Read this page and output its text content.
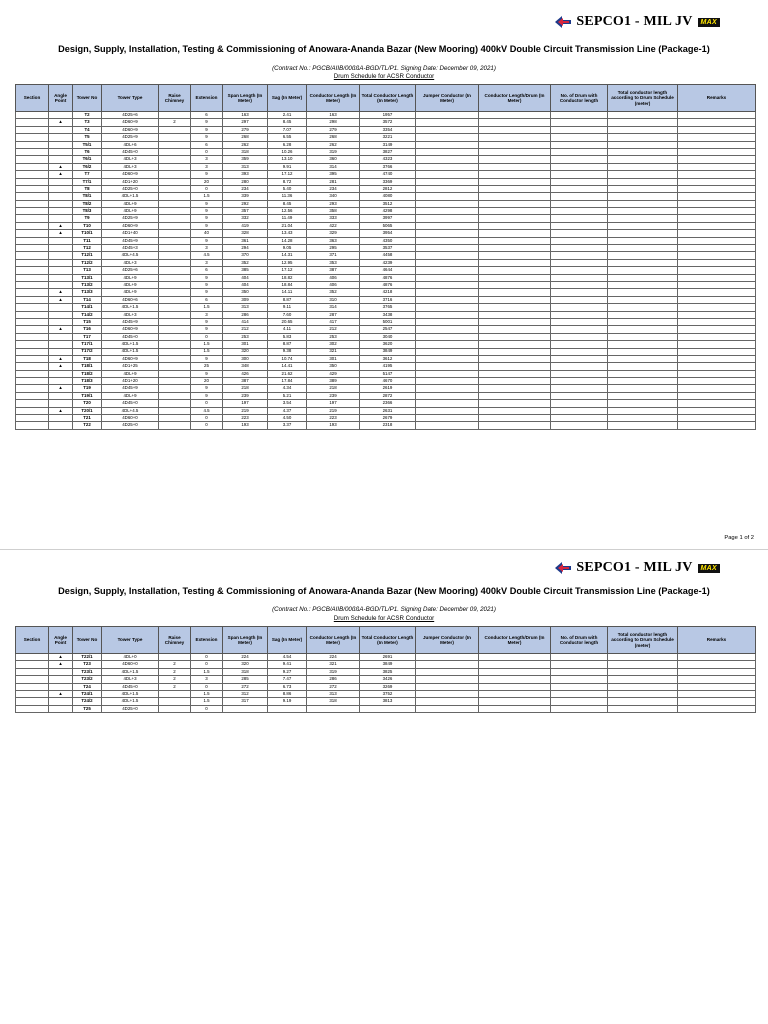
SEPCO1 - MIL JV	MAX
Design, Supply, Installation, Testing & Commissioning of Anowara-Ananda Bazar (New Mooring) 400kV Double Circuit Transmission Line (Package-1)
(Contract No.: PGCB/AIIB/00ßßA-BGD/TL/P1. Signing Date: December 09, 2021)
Drum Schedule for ACSR Conductor
Section	Angle Point	Tower No	Tower Type	Raise Chimney	Extension	Span Length (In Meter)	Sag (In Meter)	Conductor Length (In Meter)	Total Conductor Length (In Meter)	Jumper Conductor (In Meter)	Conductor Length/Drum (In Meter)	No. of Drum with Conductor length	Total conductor length according to Drum Schedule (meter)	Remarks
		T2	4D25+6		6	163	2.41	163	1957					
	▲	T3	4D60+9	2	9	297	8.45	298	3572					
		T4	4D60+9		9	279	7.07	279	3354					
		T5	4D25+9		9	268	6.55	268	3221					
		T5/1	4DL+6		6	262	6.28	262	3149					
		T6	4D45+0		0	318	10.26	319	3827					
		T6/1	4DL+3		3	359	13.10	360	4323					
	▲	T6/2	4DL+3		3	313	9.91	314	3766					
	▲	T7	4D60+9		9	393	17.12	395	4740					
		T7/1	4D1+20		20	280	8.72	281	3369					
		T8	4D25+0		0	234	5.40	234	2812					
		T8/1	4DL+1.5		1.5	339	11.36	340	4080					
		T8/2	4DL+9		9	292	8.45	293	3512					
		T8/3	4DL+9		9	357	12.56	358	4298					
		T9	4D25+9		9	332	11.49	333	3997					
	▲	T10	4D60+9		9	419	21.04	422	5065					
	▲	T10/1	4D1+40		40	328	13.43	329	3954					
		T11	4D45+9		9	361	14.28	363	4350					
		T12	4D45+3		3	294	9.05	295	3537					
		T12/1	4DL+4.5		4.5	370	14.31	371	4458					
		T12/2	4DL+3		3	352	12.95	353	4239					
		T13	4D25+6		6	385	17.12	387	4644					
		T13/1	4DL+9		9	404	18.82	406	4876					
		T13/2	4DL+9		9	404	18.84	406	4876					
	▲	T13/3	4DL+9		9	350	14.11	352	4218					
	▲	T14	4D60+6		6	309	8.87	310	3716					
		T14/1	4DL+1.5		1.5	313	9.11	314	3765					
		T14/2	4DL+3		3	286	7.60	287	3438					
		T15	4D45+9		9	414	20.65	417	5001					
	▲	T16	4D60+9		9	212	4.11	212	2547					
		T17	4D45+0		0	253	5.83	253	3040					
		T17/1	4DL+1.5		1.5	301	8.87	302	3620					
		T17/2	4DL+1.5		1.5	320	9.38	321	3849					
	▲	T18	4D60+9		9	300	10.74	301	3612					
	▲	T18/1	4D1+25		25	348	14.41	350	4195					
		T18/2	4DL+9		9	426	21.62	429	5147					
		T18/3	4D1+20		20	387	17.84	389	4670					
	▲	T19	4D45+9		9	218	4.34	218	2619					
		T19/1	4DL+9		9	239	5.21	239	2872					
		T20	4D45+0		0	197	3.54	197	2366					
	▲	T20/1	4DL+4.5		4.5	219	4.37	219	2631					
		T21	4D60+0		0	223	4.50	223	2679					
		T22	4D25+0		0	193	3.37	193	2318					
Page 1 of 2
SEPCO1 - MIL JV	MAX
Design, Supply, Installation, Testing & Commissioning of Anowara-Ananda Bazar (New Mooring) 400kV Double Circuit Transmission Line (Package-1)
(Contract No.: PGCB/AIIB/00ßßA-BGD/TL/P1. Signing Date: December 09, 2021)
Drum Schedule for ACSR Conductor
Section	Angle Point	Tower No	Tower Type	Raise Chimney	Extension	Span Length (In Meter)	Sag (In Meter)	Conductor Length (In Meter)	Total Conductor Length (In Meter)	Jumper Conductor (In Meter)	Conductor Length/Drum (In Meter)	No. of Drum with Conductor length	Total conductor length according to Drum Schedule (meter)	Remarks
	▲	T22/1	4DL+0		0	224	4.54	224	2691					
	▲	T23	4D60+0	2	0	320	9.41	321	3849					
		T23/1	4DL+1.5	2	1.5	318	9.27	319	3825					
		T23/2	4DL+3	2	3	285	7.47	286	3426					
		T24	4D45+0	2	0	272	6.73	272	3269					
	▲	T24/1	4DL+1.5		1.5	312	8.86	313	3752					
		T24/2	4DL+1.5		1.5	317	9.19	318	3813					
		T25	4D25+0		0									
